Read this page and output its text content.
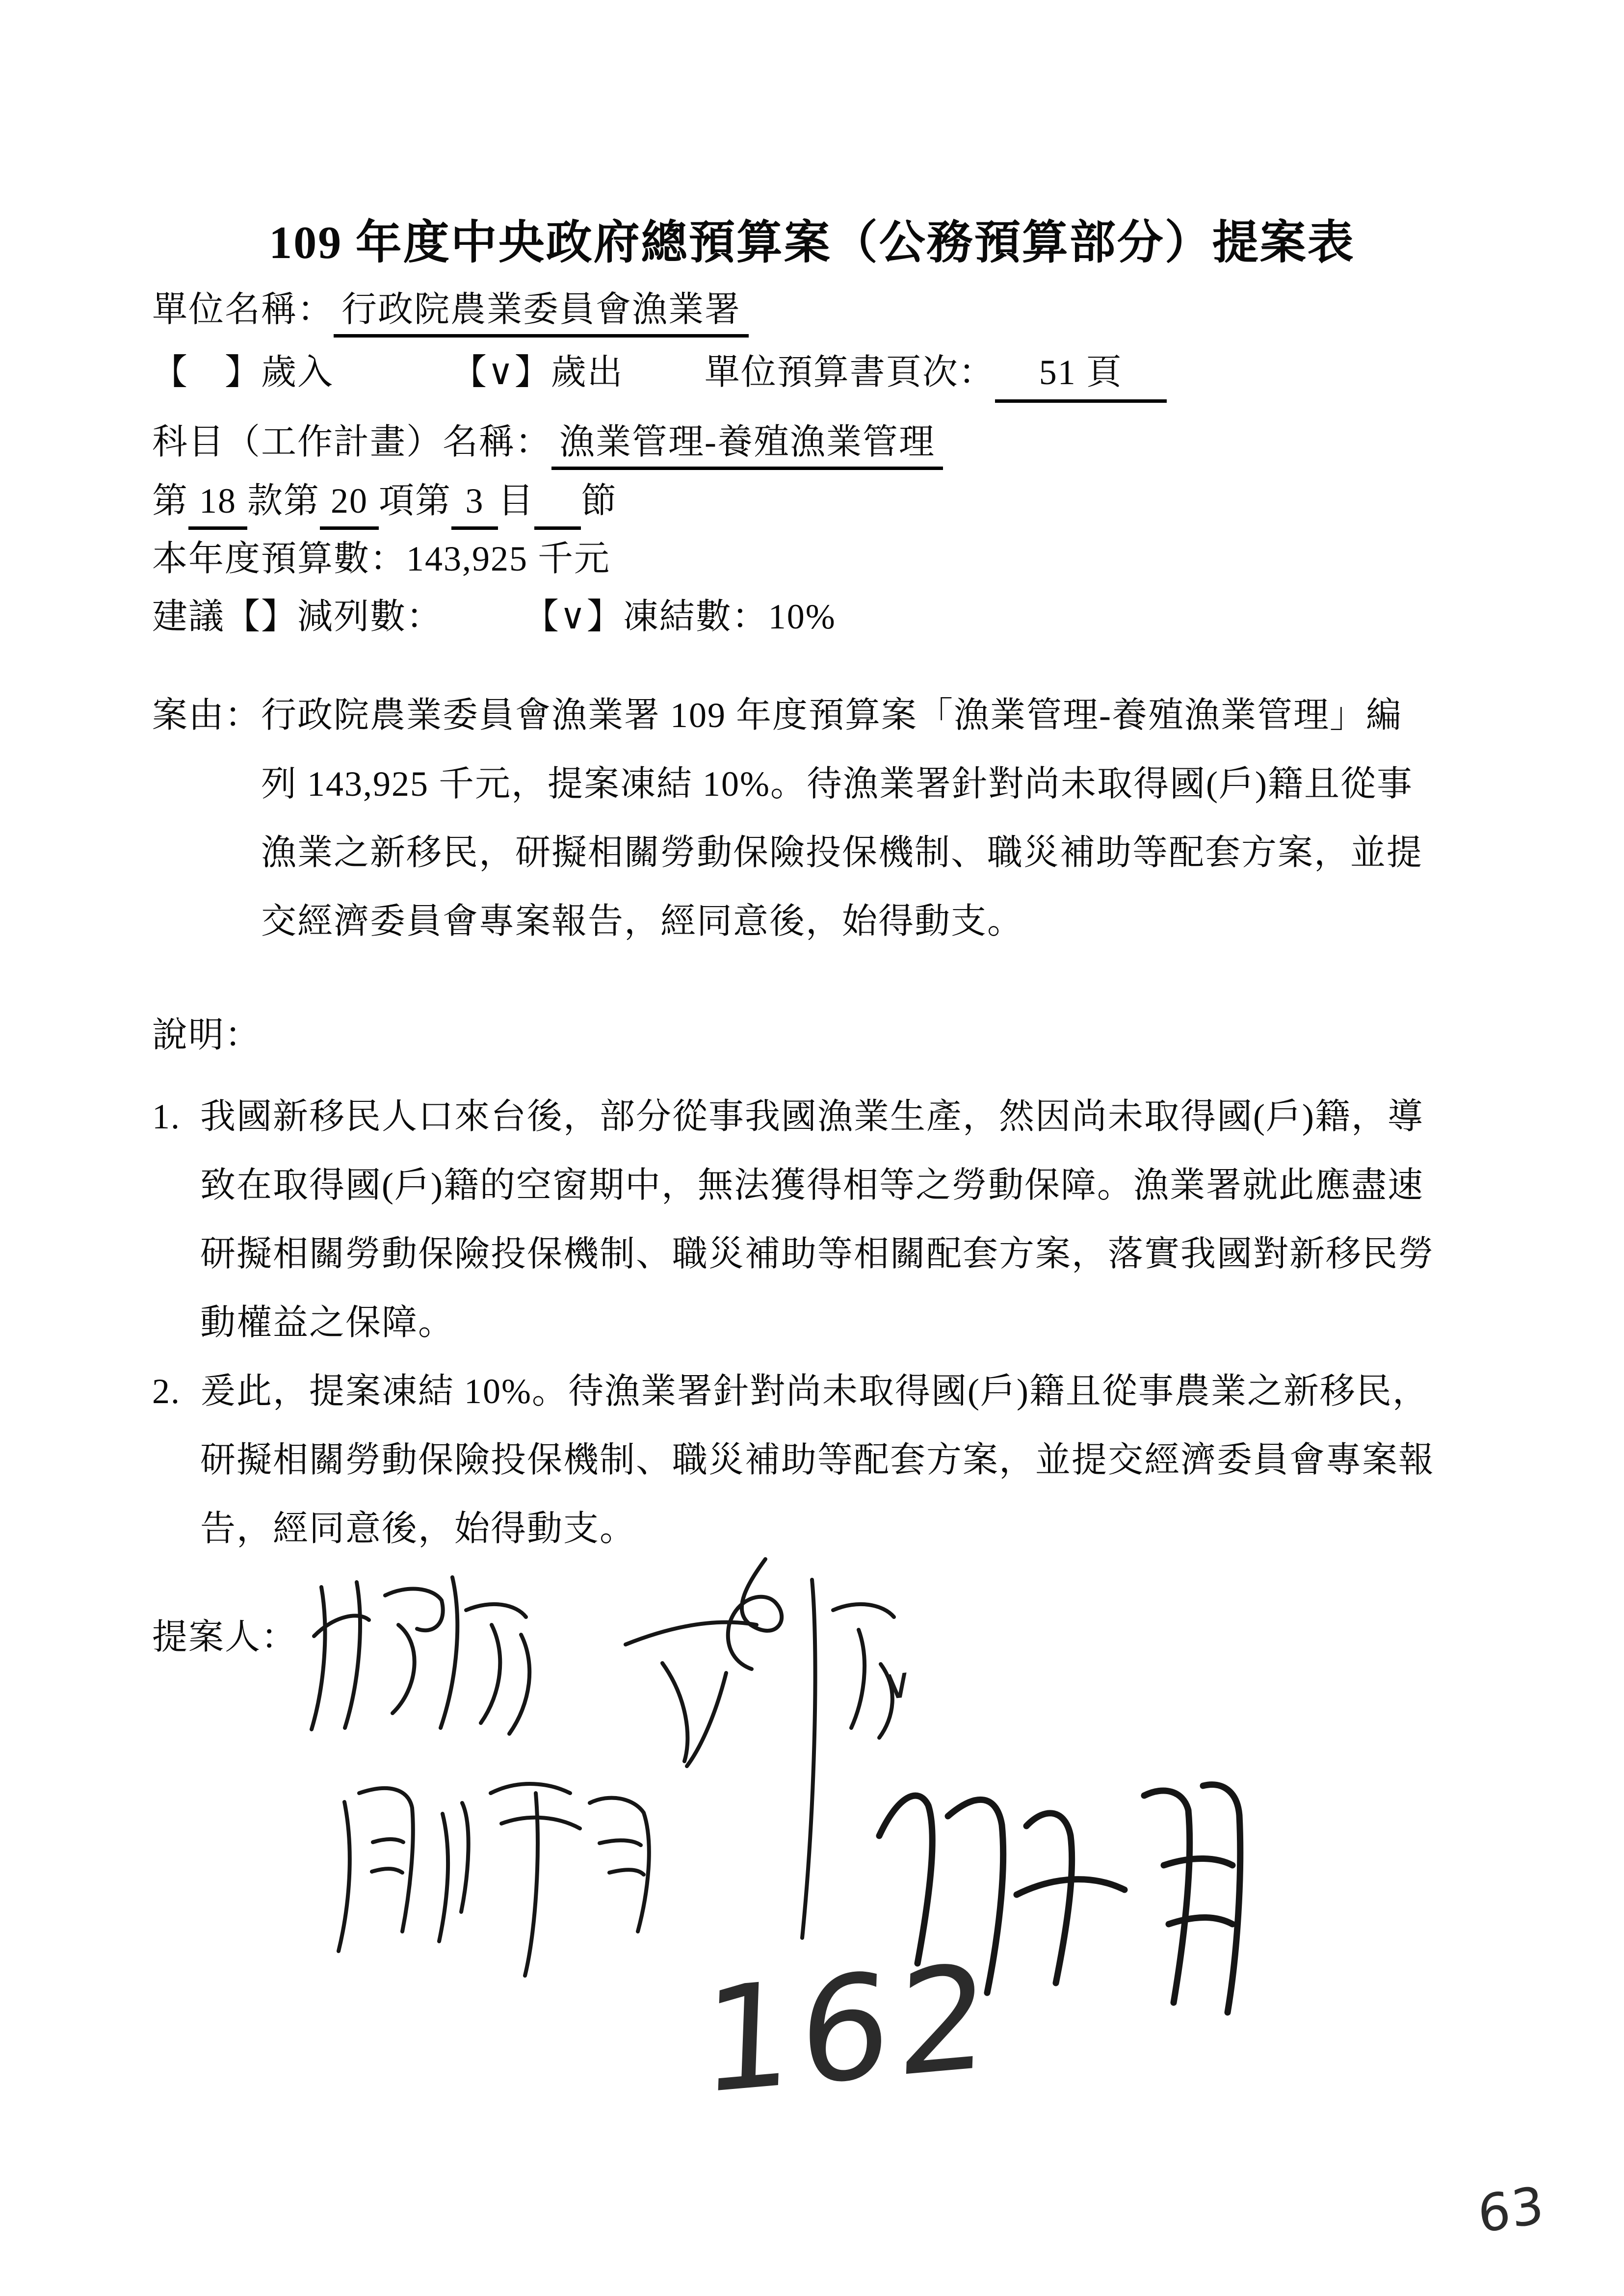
109 年度中央政府總預算案（公務預算部分）提案表
單位名稱： 行政院農業委員會漁業署
【　】歲入	【∨】歲出 單位預算書頁次： 51 頁
科目（工作計畫）名稱： 漁業管理-養殖漁業管理
第 18 款第 20 項第 3 目 節
本年度預算數：143,925 千元
建議【】減列數： 【∨】凍結數：10%
案由： 行政院農業委員會漁業署 109 年度預算案「漁業管理-養殖漁業管理」編
列 143,925 千元，提案凍結 10%。待漁業署針對尚未取得國(戶)籍且從事
漁業之新移民，研擬相關勞動保險投保機制、職災補助等配套方案，並提
交經濟委員會專案報告，經同意後，始得動支。
說明：
1. 我國新移民人口來台後，部分從事我國漁業生產，然因尚未取得國(戶)籍，導
致在取得國(戶)籍的空窗期中，無法獲得相等之勞動保障。漁業署就此應盡速
研擬相關勞動保險投保機制、職災補助等相關配套方案，落實我國對新移民勞
動權益之保障。
2. 爰此，提案凍結 10%。待漁業署針對尚未取得國(戶)籍且從事農業之新移民，
研擬相關勞動保險投保機制、職災補助等配套方案，並提交經濟委員會專案報
告，經同意後，始得動支。
提案人：
∨
162
63
